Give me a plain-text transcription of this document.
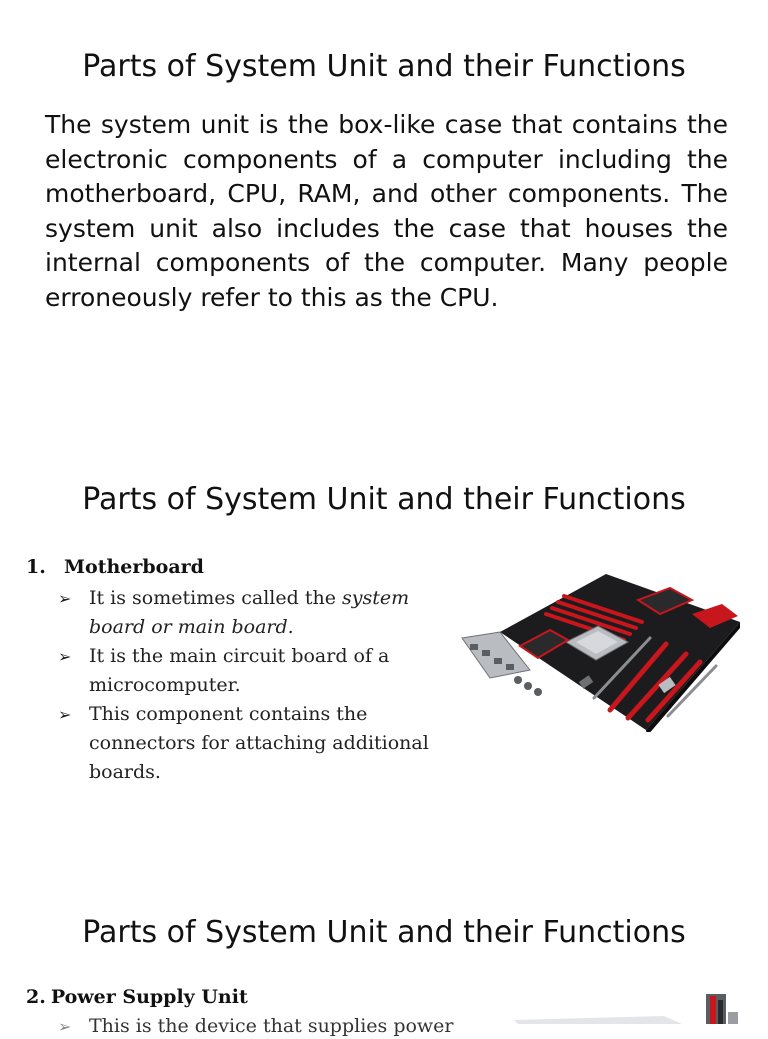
Parts of System Unit and their Functions

The system unit is the box-like case that contains the electronic components of a computer including the motherboard, CPU, RAM, and other components. The system unit also includes the case that houses the internal components of the computer. Many people erroneously refer to this as the CPU.

Parts of System Unit and their Functions
1. Motherboard
➢ It is sometimes called the system board or main board.
➢ It is the main circuit board of a microcomputer.
➢ This component contains the connectors for attaching additional boards.
Parts of System Unit and their Functions
2. Power Supply Unit
➢ This is the device that supplies power
